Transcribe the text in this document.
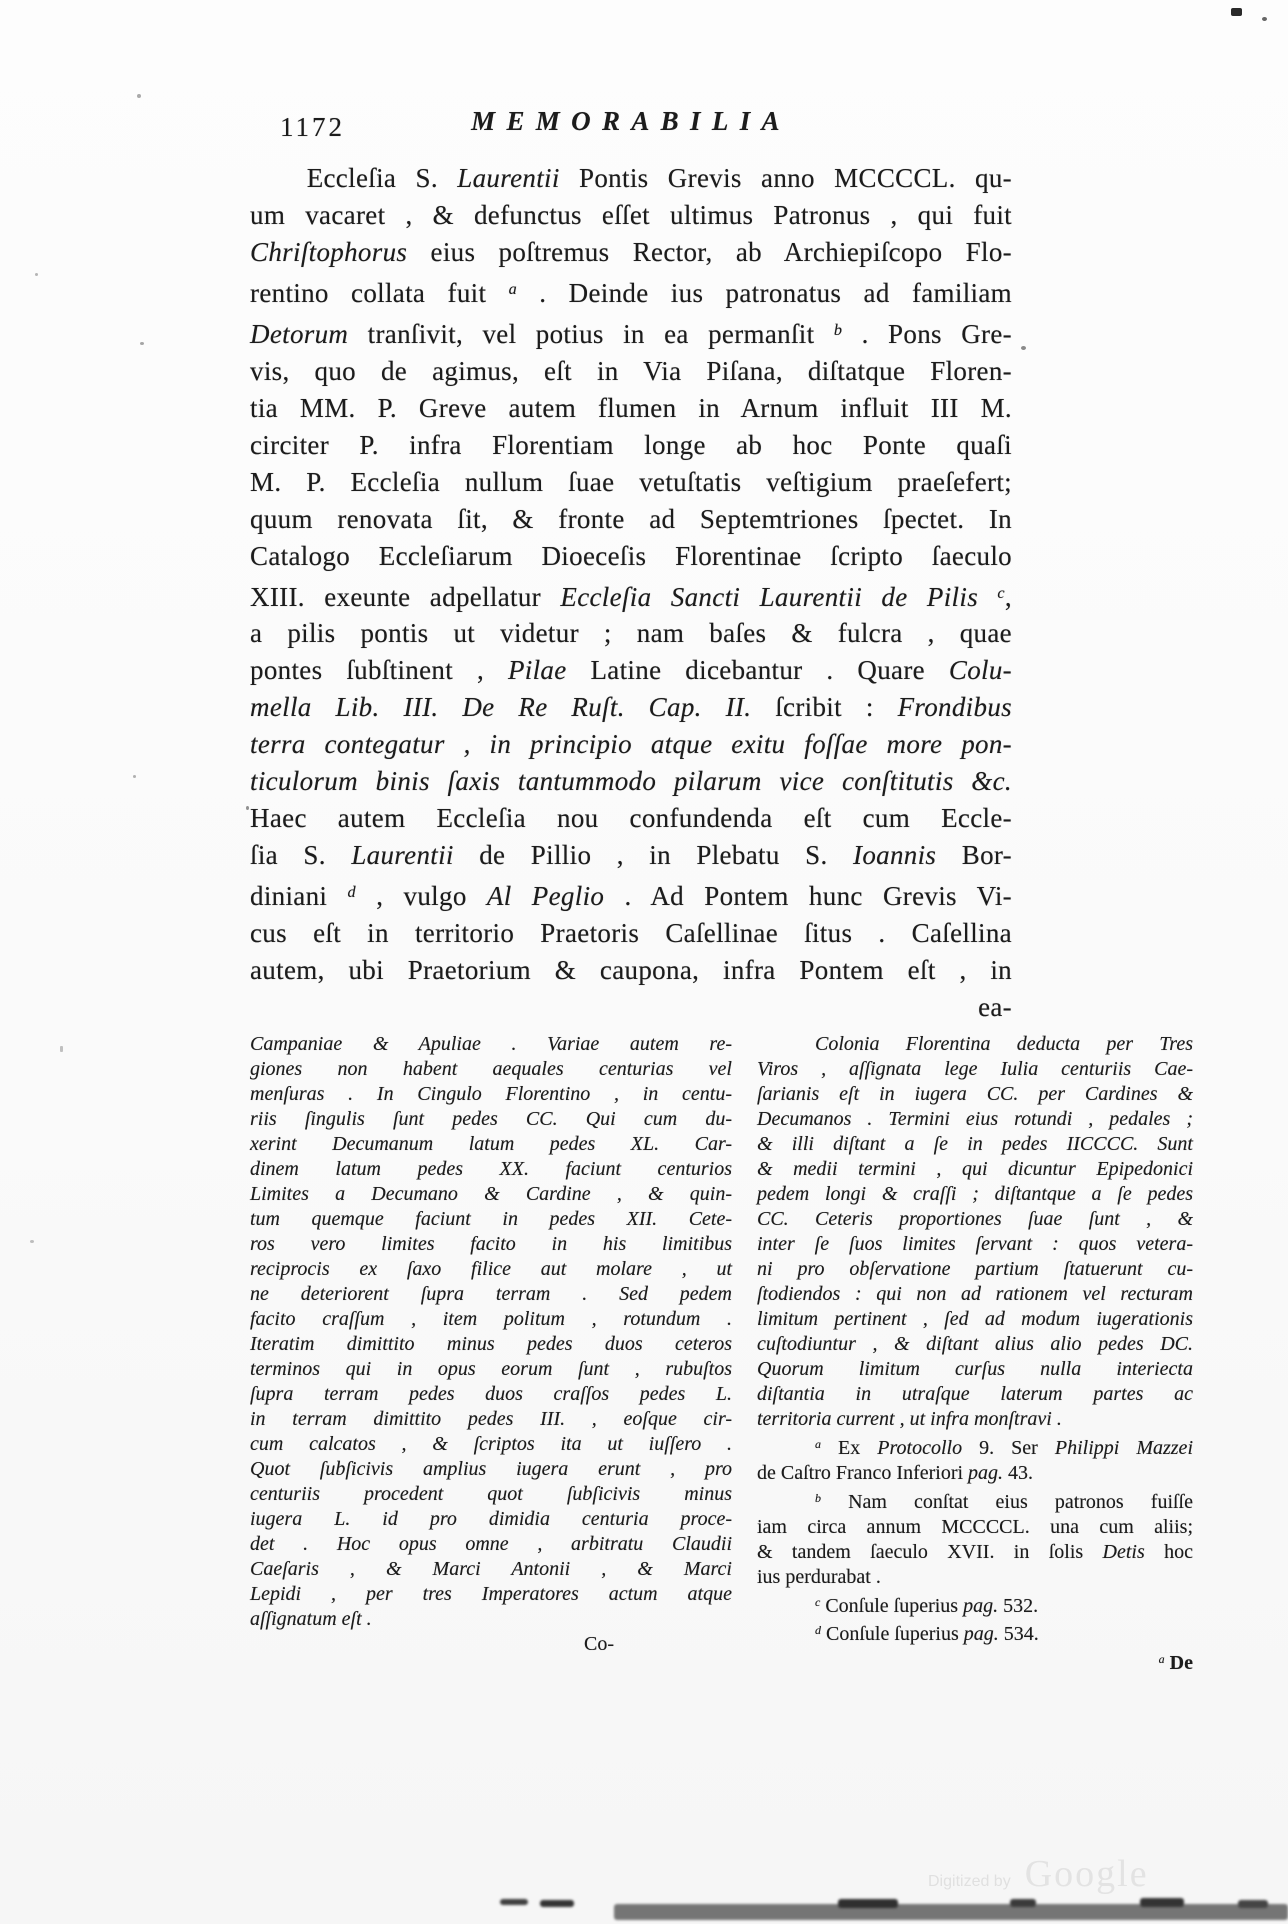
1172	MEMORABILIA
Eccleſia S. Laurentii Pontis Grevis anno MCCCCL. qu-
um vacaret , & defunctus eſſet ultimus Patronus , qui fuit
Chriſtophorus eius poſtremus Rector, ab Archiepiſcopo Flo-
rentino collata fuit $^a$ . Deinde ius patronatus ad familiam
Detorum tranſivit, vel potius in ea permanſit $^b$ . Pons Gre-
vis, quo de agimus, eſt in Via Piſana, diſtatque Floren-
tia MM. P. Greve autem flumen in Arnum influit III M.
circiter P. infra Florentiam longe ab hoc Ponte quaſi
M. P. Eccleſia nullum ſuae vetuſtatis veſtigium praeſefert;
quum renovata ſit, & fronte ad Septemtriones ſpectet. In
Catalogo Eccleſiarum Dioeceſis Florentinae ſcripto ſaeculo
XIII. exeunte adpellatur Eccleſia Sancti Laurentii de Pilis $^c$,
a pilis pontis ut videtur ; nam baſes & fulcra , quae
pontes ſubſtinent , Pilae Latine dicebantur . Quare Colu-
mella Lib. III. De Re Ruſt. Cap. II. ſcribit : Frondibus
terra contegatur , in principio atque exitu foſſae more pon-
ticulorum binis ſaxis tantummodo pilarum vice conſtitutis &c.
Haec autem Eccleſia nou confundenda eſt cum Eccle-
ſia S. Laurentii de Pillio , in Plebatu S. Ioannis Bor-
diniani $^d$ , vulgo Al Peglio . Ad Pontem hunc Grevis Vi-
cus eſt in territorio Praetoris Caſellinae ſitus . Caſellina
autem, ubi Praetorium & caupona, infra Pontem eſt , in
ea-
Campaniae & Apuliae . Variae autem re-
giones non habent aequales centurias vel
menſuras . In Cingulo Florentino , in centu-
riis ſingulis ſunt pedes CC. Qui cum du-
xerint Decumanum latum pedes XL. Car-
dinem latum pedes XX. faciunt centurios
Limites a Decumano & Cardine , & quin-
tum quemque faciunt in pedes XII. Cete-
ros vero limites facito in his limitibus
reciprocis ex ſaxo filice aut molare , ut
ne deteriorent ſupra terram . Sed pedem
facito craſſum , item politum , rotundum .
Iteratim dimittito minus pedes duos ceteros
terminos qui in opus eorum ſunt , rubuſtos
ſupra terram pedes duos craſſos pedes L.
in terram dimittito pedes III. , eoſque cir-
cum calcatos , & ſcriptos ita ut iuſſero .
Quot ſubſicivis amplius iugera erunt , pro
centuriis procedent quot ſubſicivis minus
iugera L. id pro dimidia centuria proce-
det . Hoc opus omne , arbitratu Claudii
Caeſaris , & Marci Antonii , & Marci
Lepidi , per tres Imperatores actum atque
aſſignatum eſt .
Co-
Colonia Florentina deducta per Tres
Viros , aſſignata lege Iulia centuriis Cae-
ſarianis eſt in iugera CC. per Cardines &
Decumanos . Termini eius rotundi , pedales ;
& illi diſtant a ſe in pedes IICCCC. Sunt
& medii termini , qui dicuntur Epipedonici
pedem longi & craſſi ; diſtantque a ſe pedes
CC. Ceteris proportiones ſuae ſunt , &
inter ſe ſuos limites ſervant : quos vetera-
ni pro obſervatione partium ſtatuerunt cu-
ſtodiendos : qui non ad rationem vel recturam
limitum pertinent , ſed ad modum iugerationis
cuſtodiuntur , & diſtant alius alio pedes DC.
Quorum limitum curſus nulla interiecta
diſtantia in utraſque laterum partes ac
territoria current , ut infra monſtravi .
$^a$ Ex Protocollo 9. Ser Philippi Mazzei
de Caſtro Franco Inferiori pag. 43.
$^b$ Nam conſtat eius patronos fuiſſe
iam circa annum MCCCCL. una cum aliis;
& tandem ſaeculo XVII. in ſolis Detis hoc
ius perdurabat .
$^c$ Conſule ſuperius pag. 532.
$^d$ Conſule ſuperius pag. 534.
$^a$ De
Digitized by Google
